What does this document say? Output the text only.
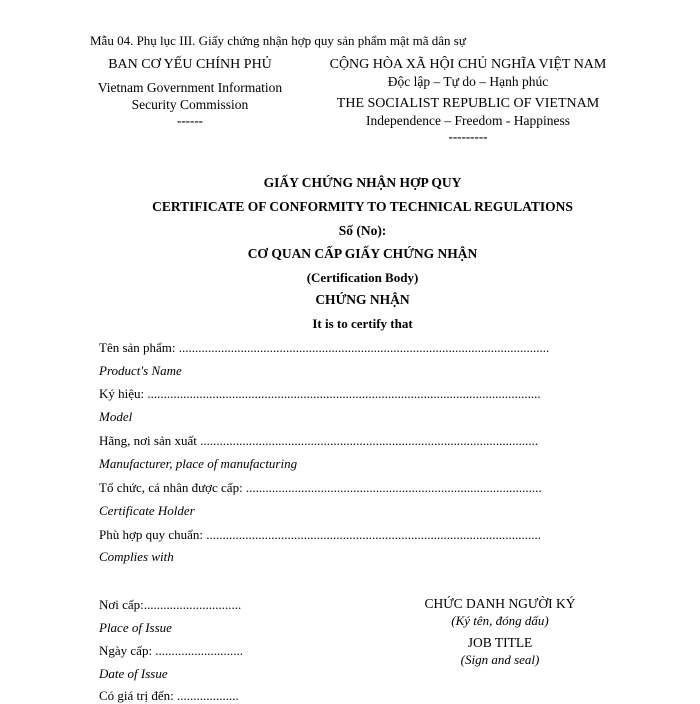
Mẫu 04. Phụ lục III. Giấy chứng nhận hợp quy sản phẩm mật mã dân sự
BAN CƠ YẾU CHÍNH PHỦ
Vietnam Government Information
Security Commission
------
CỘNG HÒA XÃ HỘI CHỦ NGHĨA VIỆT NAM
Độc lập – Tự do – Hạnh phúc
THE SOCIALIST REPUBLIC OF VIETNAM
Independence – Freedom - Happiness
---------
GIẤY CHỨNG NHẬN HỢP QUY
CERTIFICATE OF CONFORMITY TO TECHNICAL REGULATIONS
Số (No):
CƠ QUAN CẤP GIẤY CHỨNG NHẬN
(Certification Body)
CHỨNG NHẬN
It is to certify that
Tên sản phẩm: ..................................................................................................................
Product's Name
Ký hiệu: .........................................................................................................................
Model
Hãng, nơi sản xuất ........................................................................................................
Manufacturer, place of manufacturing
Tổ chức, cá nhân được cấp: ...........................................................................................
Certificate Holder
Phù hợp quy chuẩn: .......................................................................................................
Complies with
Nơi cấp:..............................
Place of Issue
Ngày cấp: ...........................
Date of Issue
Có giá trị đến: ...................
CHỨC DANH NGƯỜI KÝ
(Ký tên, đóng dấu)
JOB TITLE
(Sign and seal)
